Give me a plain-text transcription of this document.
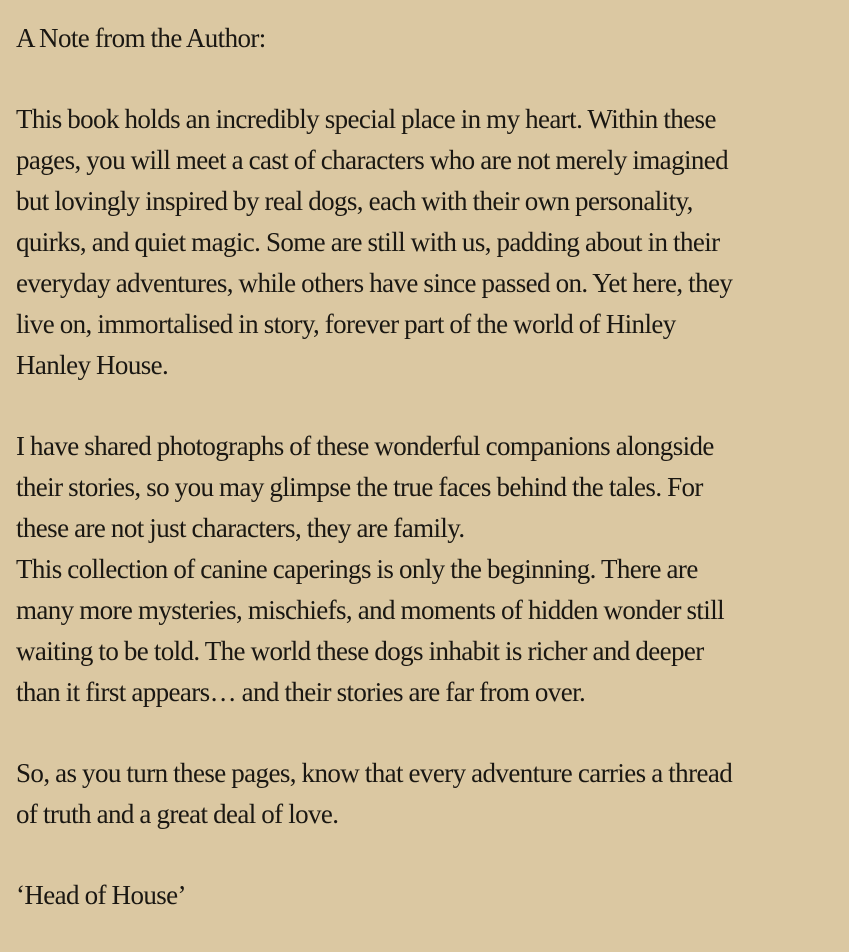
A Note from the Author:
This book holds an incredibly special place in my heart. Within these
pages, you will meet a cast of characters who are not merely imagined
but lovingly inspired by real dogs, each with their own personality,
quirks, and quiet magic. Some are still with us, padding about in their
everyday adventures, while others have since passed on. Yet here, they
live on, immortalised in story, forever part of the world of Hinley
Hanley House.
I have shared photographs of these wonderful companions alongside
their stories, so you may glimpse the true faces behind the tales. For
these are not just characters, they are family.
This collection of canine caperings is only the beginning. There are
many more mysteries, mischiefs, and moments of hidden wonder still
waiting to be told. The world these dogs inhabit is richer and deeper
than it first appears… and their stories are far from over.
So, as you turn these pages, know that every adventure carries a thread
of truth and a great deal of love.
‘Head of House’
